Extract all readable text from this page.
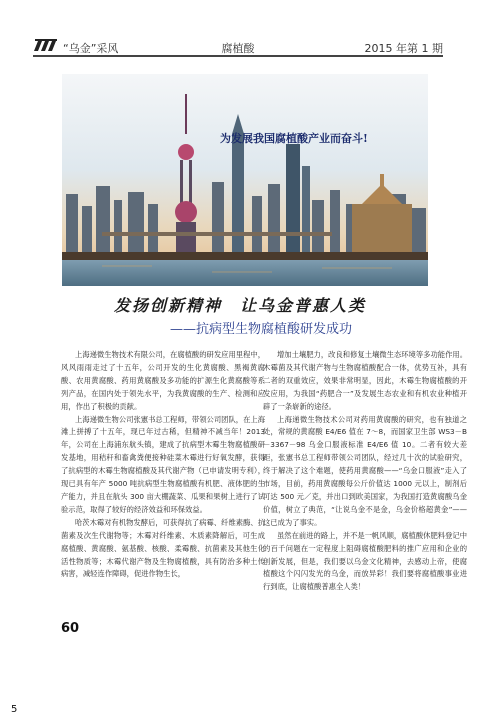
“乌金”采风	腐植酸	2015 年第 1 期
为发展我国腐植酸产业而奋斗!
发扬创新精神　让乌金普惠人类
——抗病型生物腐植酸研发成功

上海递微生物技术有限公司，在腐植酸的研发应用里程中，风风雨雨走过了十五年，公司开发的生化黄腐酸、黑褐黄腐酸、农用黄腐酸、药用黄腐酸及多功能的扩源生化黄腐酸等系列产品，在国内处于领先水平，为我黄腐酸的生产、检测和应用，作出了积极的贡献。

上海递微生物公司张憲书总工程师，带领公司团队，在上海滩上拼搏了十五年，现已年过古稀，但精神不减当年！2013 年，公司在上海浦东航头镇，建成了抗病型木霉生物腐植酸研发基地，用秸秆和畜禽粪便接种硅菜木霉进行好氧发酵，获得了抗病型的木霉生物腐植酸及其代谢产物（已申请发明专利），现已具有年产 5000 吨抗病型生物腐植酸有机肥、液体肥的生产能力，并且在航头 300 亩大棚蔬菜、瓜果和果树上进行了试验示范，取得了较好的经济效益和环保效益。

哈茨木霉对有机物发酵后，可获得抗了病霉、纤维素酶、抗菌素及次生代谢物等；木霉对纤维素、木质素降解后，可生成腐植酸、黄腐酸、氨基酸、核酸、柔霉酸、抗菌素及其他生化活性物质等；木霉代谢产物及生物腐植酸，具有防治多种土传病害，减轻连作障碍，促进作物生长，

增加土壤肥力，改良和修复土壤微生态环境等多功能作用。木霉菌及其代谢产物与生物腐植酸配合一体，优势互补，具有二者的双重效应，效果非常明显，因此，木霉生物腐植酸的开发应用，为我国“药肥合一”及发展生态农业和有机农业种植开辟了一条崭新的途径。

上海递微生物技术公司对药用黄腐酸的研究，也有独道之处，常规的黄腐酸 E4/E6 值在 7～8，而国家卫生部 WS3－B－3367－98 乌金口服液标准 E4/E6 值 10。二者有较大差距，张憲书总工程师带领公司团队，经过几十次的试验研究，终于解决了这个难题，使药用黄腐酸——“乌金口服液”走入了市场，目前，药用黄腐酸每公斤价值达 1000 元以上，制剂后可达 500 元／克，并出口到欧美国家，为我国打造黄腐酸乌金价值，树立了典范，“让说乌金不是金，乌金价格超黄金”——这已成为了事实。

虽然在前进的路上，并不是一帆风顺，腐植酸休肥料登记中的百千问题在一定程度上阻碍腐植酸肥料的推广应用和企业的创新发展，但是，我们要以乌金文化精神，去感动上帝，使腐植酸这个闪闪发光的乌金，而放异彩！我们要将腐植酸事业进行到底，让腐植酸普惠全人类！

60
5
